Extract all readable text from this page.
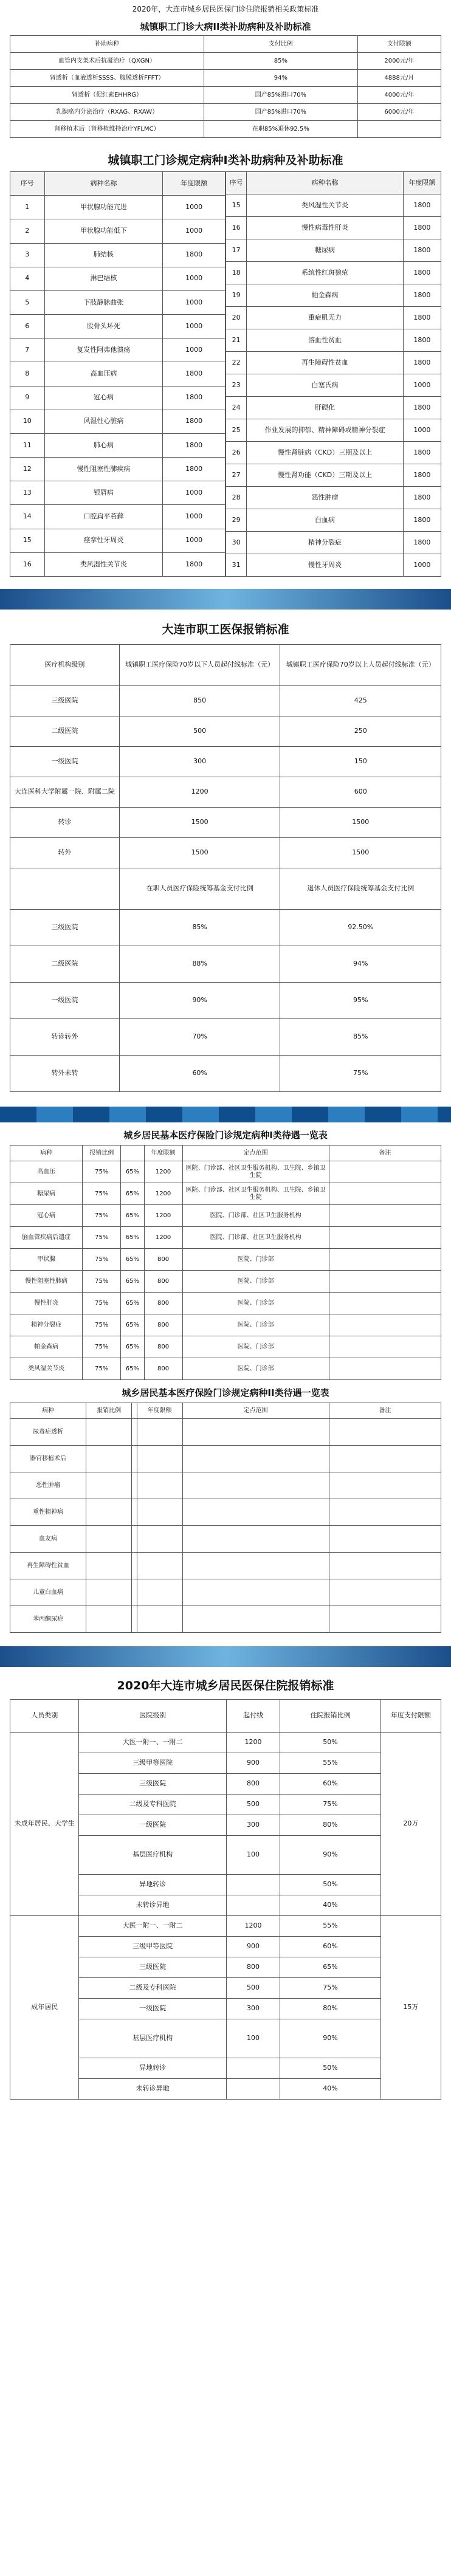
2020年，大连市城乡居民医保门诊住院报销相关政策标准
城镇职工门诊大病II类补助病种及补助标准
补助病种	支付比例	支付限额
血管内支架术后抗凝治疗（QXGN）	85%	2000元/年
肾透析（血液透析SSSS、腹膜透析FFFT）	94%	4888元/月
肾透析（促红素EHHRG）	国产85%进口70%	4000元/年
乳腺癌内分泌治疗（RXAG、RXAW）	国产85%进口70%	6000元/年
肾移植术后（肾移植维持治疗YFLMC）	在职85%退休92.5%	
城镇职工门诊规定病种I类补助病种及补助标准
序号	病种名称	年度限额
1	甲状腺功能亢进	1000
2	甲状腺功能低下	1000
3	肺结核	1800
4	淋巴结核	1000
5	下肢静脉曲张	1000
6	股骨头坏死	1000
7	复发性阿弗他溃疡	1000
8	高血压病	1800
9	冠心病	1800
10	风湿性心脏病	1800
11	肺心病	1800
12	慢性阻塞性肺疾病	1800
13	银屑病	1000
14	口腔扁平苔藓	1000
15	痉挛性牙周炎	1000
16	类风湿性关节炎	1800
序号	病种名称	年度限额
15	类风湿性关节炎	1800
16	慢性病毒性肝炎	1800
17	糖尿病	1800
18	系统性红斑狼疮	1800
19	帕金森病	1800
20	重症肌无力	1800
21	溶血性贫血	1800
22	再生障碍性贫血	1800
23	白塞氏病	1000
24	肝硬化	1800
25	作业发展的抑郁、精神障碍或精神分裂症	1000
26	慢性肾脏病（CKD）三期及以上	1800
27	慢性肾功能（CKD）三期及以上	1800
28	恶性肿瘤	1800
29	白血病	1800
30	精神分裂症	1800
31	慢性牙周炎	1000
大连市职工医保报销标准
医疗机构级别	城镇职工医疗保险70岁以下人员起付线标准（元）	城镇职工医疗保险70岁以上人员起付线标准（元）
三级医院	850	425
二级医院	500	250
一级医院	300	150
大连医科大学附属一院、附属二院	1200	600
转诊	1500	1500
转外	1500	1500
	在职人员医疗保险统筹基金支付比例	退休人员医疗保险统筹基金支付比例
三级医院	85%	92.50%
二级医院	88%	94%
一级医院	90%	95%
转诊转外	70%	85%
转外未转	60%	75%
城乡居民基本医疗保险门诊规定病种I类待遇一览表
病种	报销比例		年度限额	定点范围	备注
高血压	75%	65%	1200	医院、门诊部、社区卫生服务机构、卫生院、乡镇卫生院	
糖尿病	75%	65%	1200	医院、门诊部、社区卫生服务机构、卫生院、乡镇卫生院	
冠心病	75%	65%	1200	医院、门诊部、社区卫生服务机构	
脑血管疾病后遗症	75%	65%	1200	医院、门诊部、社区卫生服务机构	
甲状腺	75%	65%	800	医院、门诊部	
慢性阻塞性肺病	75%	65%	800	医院、门诊部	
慢性肝炎	75%	65%	800	医院、门诊部	
精神分裂症	75%	65%	800	医院、门诊部	
帕金森病	75%	65%	800	医院、门诊部	
类风湿关节炎	75%	65%	800	医院、门诊部	
城乡居民基本医疗保险门诊规定病种II类待遇一览表
病种	报销比例		年度限额	定点范围	备注
尿毒症透析					
器官移植术后					
恶性肿瘤					
重性精神病					
血友病					
再生障碍性贫血					
儿童白血病					
苯丙酮尿症					
2020年大连市城乡居民医保住院报销标准
人员类别	医院级别	起付线	住院报销比例	年度支付限额
未成年居民、大学生	大医一附一、一附二	1200	50%	20万
	三级甲等医院	900	55%	
	三级医院	800	60%	
	二级及专科医院	500	75%	
	一级医院	300	80%	
	基层医疗机构	100	90%	
	异地转诊		50%	
	未转诊异地		40%	
成年居民	大医一附一、一附二	1200	55%	15万
	三级甲等医院	900	60%	
	三级医院	800	65%	
	二级及专科医院	500	75%	
	一级医院	300	80%	
	基层医疗机构	100	90%	
	异地转诊		50%	
	未转诊异地		40%	
